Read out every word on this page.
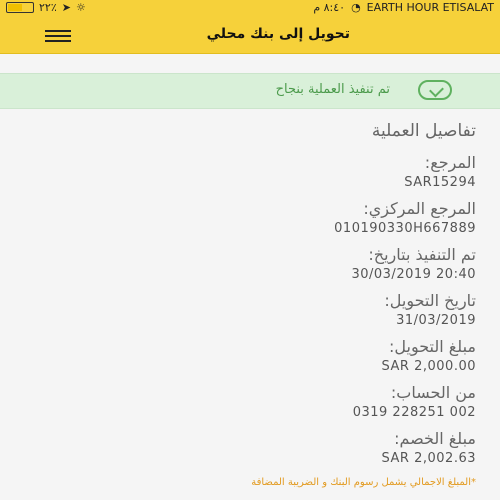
٢٢٪ ➤ ☼	٨:٤٠ م ◔ EARTH HOUR ETISALAT
تحويل إلى بنك محلي
تم تنفيذ العملية بنجاح
تفاصيل العملية
المرجع:
SAR15294
المرجع المركزي:
010190330H667889
تم التنفيذ بتاريخ:
30/03/2019 20:40
تاريخ التحويل:
31/03/2019
مبلغ التحويل:
SAR 2,000.00
من الحساب:
0319 228251 002
مبلغ الخصم:
SAR 2,002.63
*المبلغ الاجمالي يشمل رسوم البنك و الضريبة المضافة
